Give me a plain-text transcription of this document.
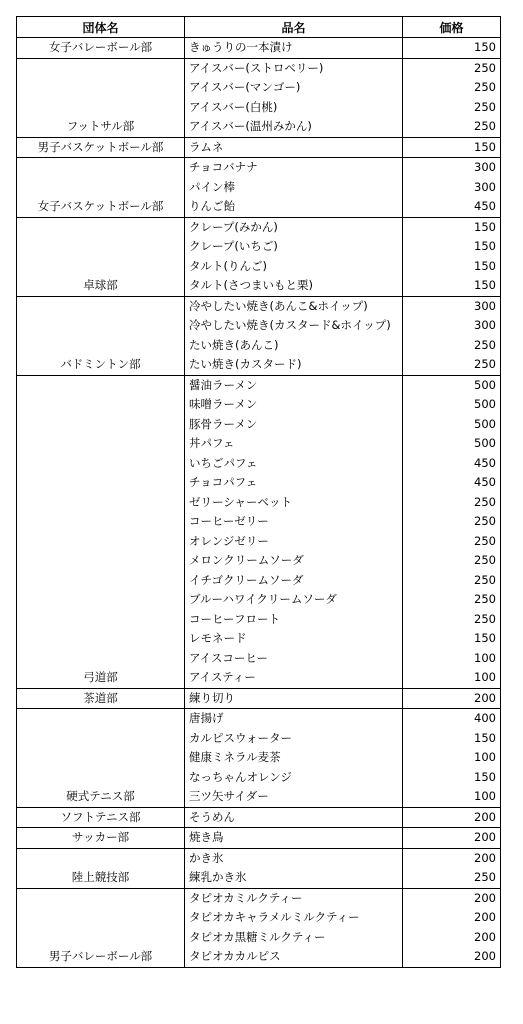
団体名	品名	価格
女子バレーボール部	きゅうりの一本漬け	150
フットサル部	アイスバー(ストロベリー)	250
	アイスバー(マンゴー)	250
	アイスバー(白桃)	250
	アイスバー(温州みかん)	250
男子バスケットボール部	ラムネ	150
女子バスケットボール部	チョコバナナ	300
	パイン棒	300
	りんご飴	450
卓球部	クレープ(みかん)	150
	クレープ(いちご)	150
	タルト(りんご)	150
	タルト(さつまいもと栗)	150
バドミントン部	冷やしたい焼き(あんこ&ホイップ)	300
	冷やしたい焼き(カスタード&ホイップ)	300
	たい焼き(あんこ)	250
	たい焼き(カスタード)	250
弓道部	醤油ラーメン	500
	味噌ラーメン	500
	豚骨ラーメン	500
	丼パフェ	500
	いちごパフェ	450
	チョコパフェ	450
	ゼリーシャーベット	250
	コーヒーゼリー	250
	オレンジゼリー	250
	メロンクリームソーダ	250
	イチゴクリームソーダ	250
	ブルーハワイクリームソーダ	250
	コーヒーフロート	250
	レモネード	150
	アイスコーヒー	100
	アイスティー	100
茶道部	練り切り	200
硬式テニス部	唐揚げ	400
	カルピスウォーター	150
	健康ミネラル麦茶	100
	なっちゃんオレンジ	150
	三ツ矢サイダー	100
ソフトテニス部	そうめん	200
サッカー部	焼き鳥	200
陸上競技部	かき氷	200
	練乳かき氷	250
男子バレーボール部	タピオカミルクティー	200
	タピオカキャラメルミルクティー	200
	タピオカ黒糖ミルクティー	200
	タピオカカルピス	200
